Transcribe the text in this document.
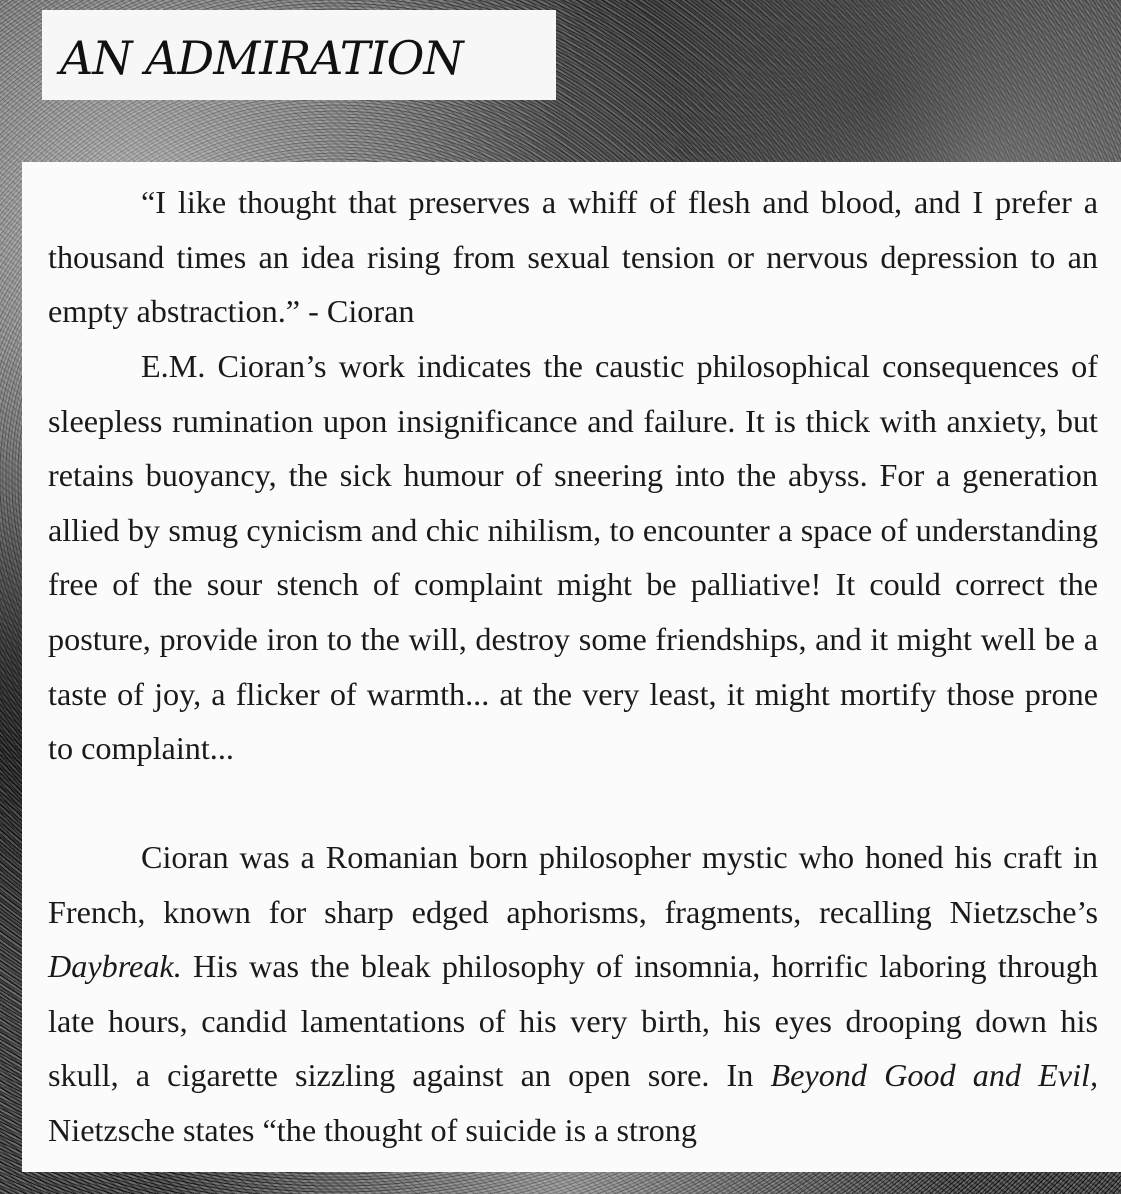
AN ADMIRATION

“I like thought that preserves a whiff of flesh and blood, and I prefer a thousand times an idea rising from sexual tension or nervous depression to an empty abstraction.” - Cioran

E.M. Cioran’s work indicates the caustic philosophical consequences of sleepless rumination upon insignificance and failure. It is thick with anxiety, but retains buoyancy, the sick humour of sneering into the abyss. For a generation allied by smug cynicism and chic nihilism, to encounter a space of understanding free of the sour stench of complaint might be palliative! It could correct the posture, provide iron to the will, destroy some friendships, and it might well be a taste of joy, a flicker of warmth... at the very least, it might mortify those prone to complaint...

Cioran was a Romanian born philosopher mystic who honed his craft in French, known for sharp edged aphorisms, fragments, recalling Nietzsche’s Daybreak. His was the bleak philosophy of insomnia, horrific laboring through late hours, candid lamentations of his very birth, his eyes drooping down his skull, a cigarette sizzling against an open sore. In Beyond Good and Evil, Nietzsche states “the thought of suicide is a strong
